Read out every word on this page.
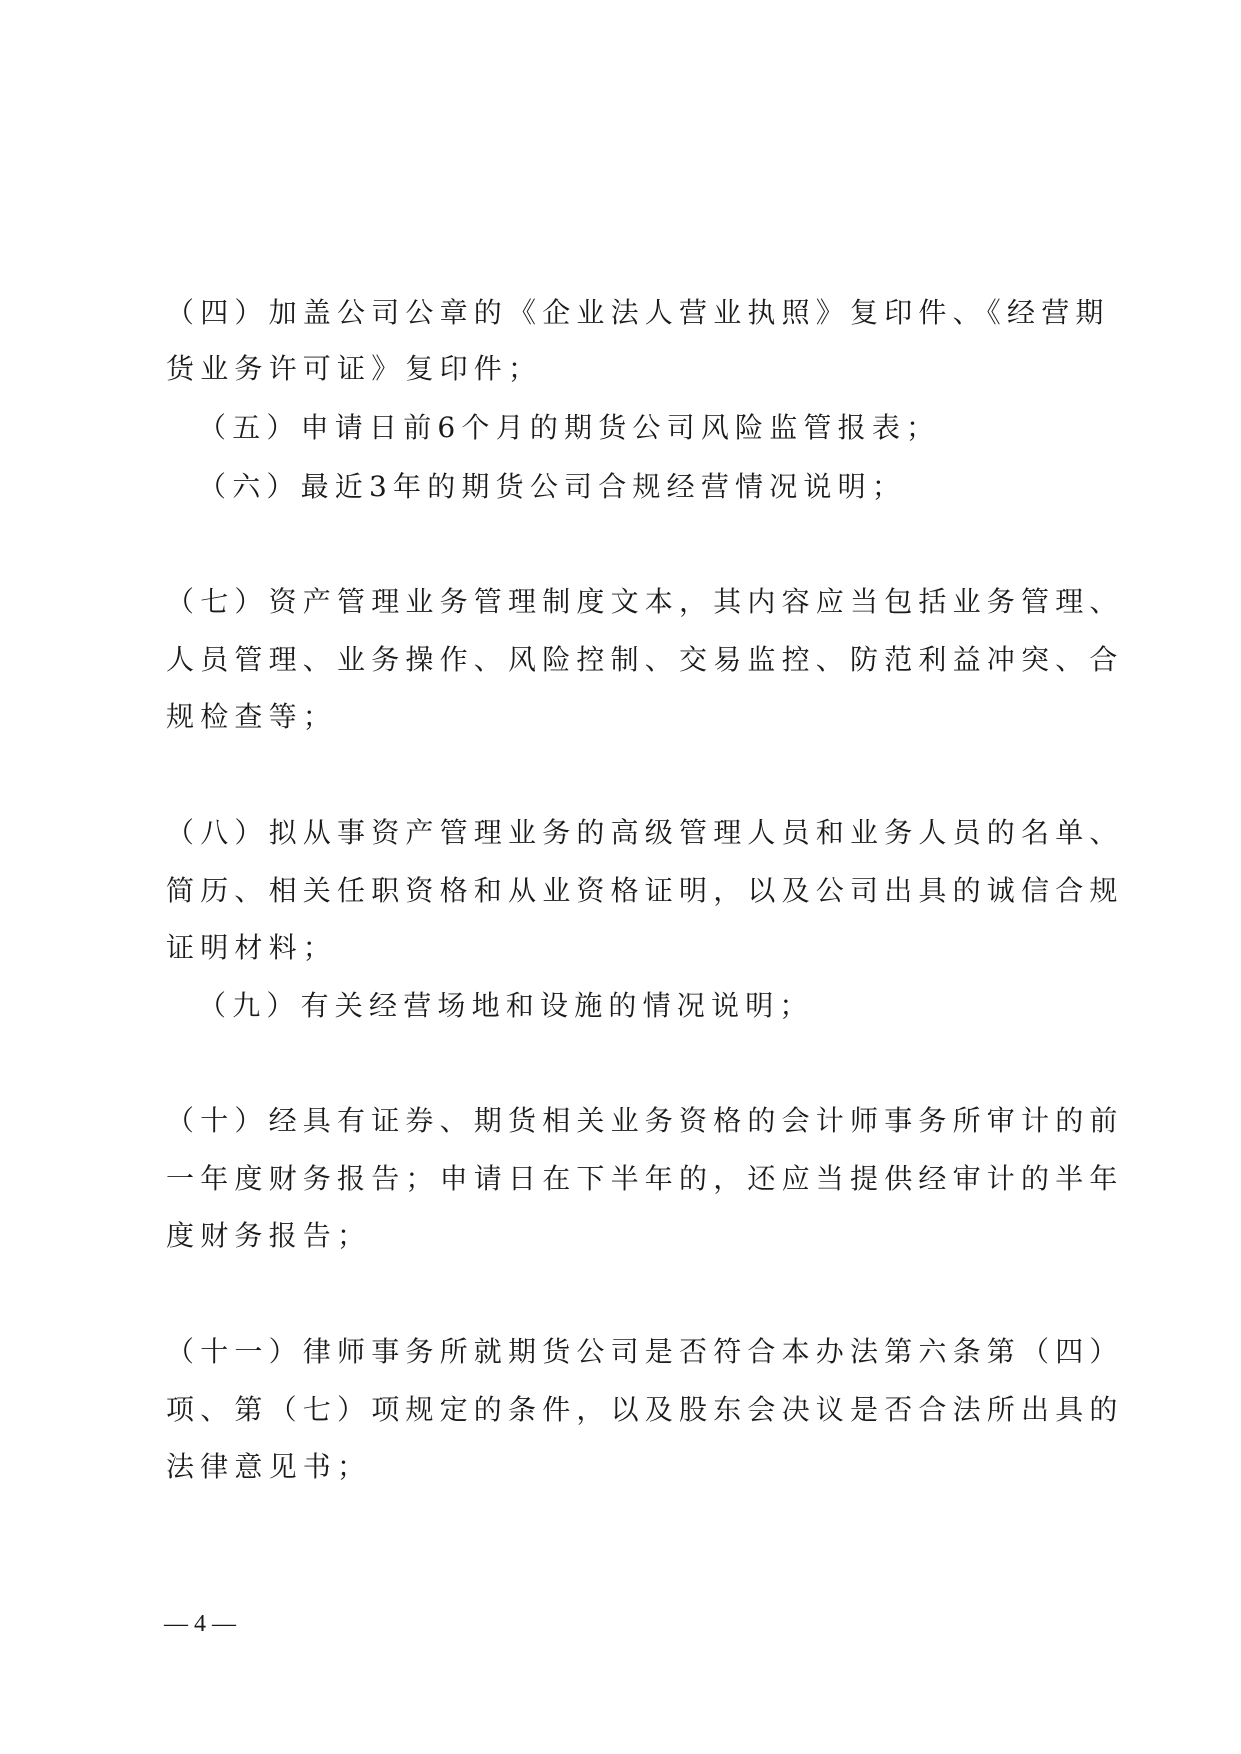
（四）加盖公司公章的《企业法人营业执照》复印件、《经营期
货业务许可证》复印件；
（五）申请日前6个月的期货公司风险监管报表；
（六）最近3年的期货公司合规经营情况说明；
（七）资产管理业务管理制度文本，其内容应当包括业务管理、
人员管理、业务操作、风险控制、交易监控、防范利益冲突、合
规检查等；
（八）拟从事资产管理业务的高级管理人员和业务人员的名单、
简历、相关任职资格和从业资格证明，以及公司出具的诚信合规
证明材料；
（九）有关经营场地和设施的情况说明；
（十）经具有证券、期货相关业务资格的会计师事务所审计的前
一年度财务报告；申请日在下半年的，还应当提供经审计的半年
度财务报告；
（十一）律师事务所就期货公司是否符合本办法第六条第（四）
项、第（七）项规定的条件，以及股东会决议是否合法所出具的
法律意见书；
— 4 —
